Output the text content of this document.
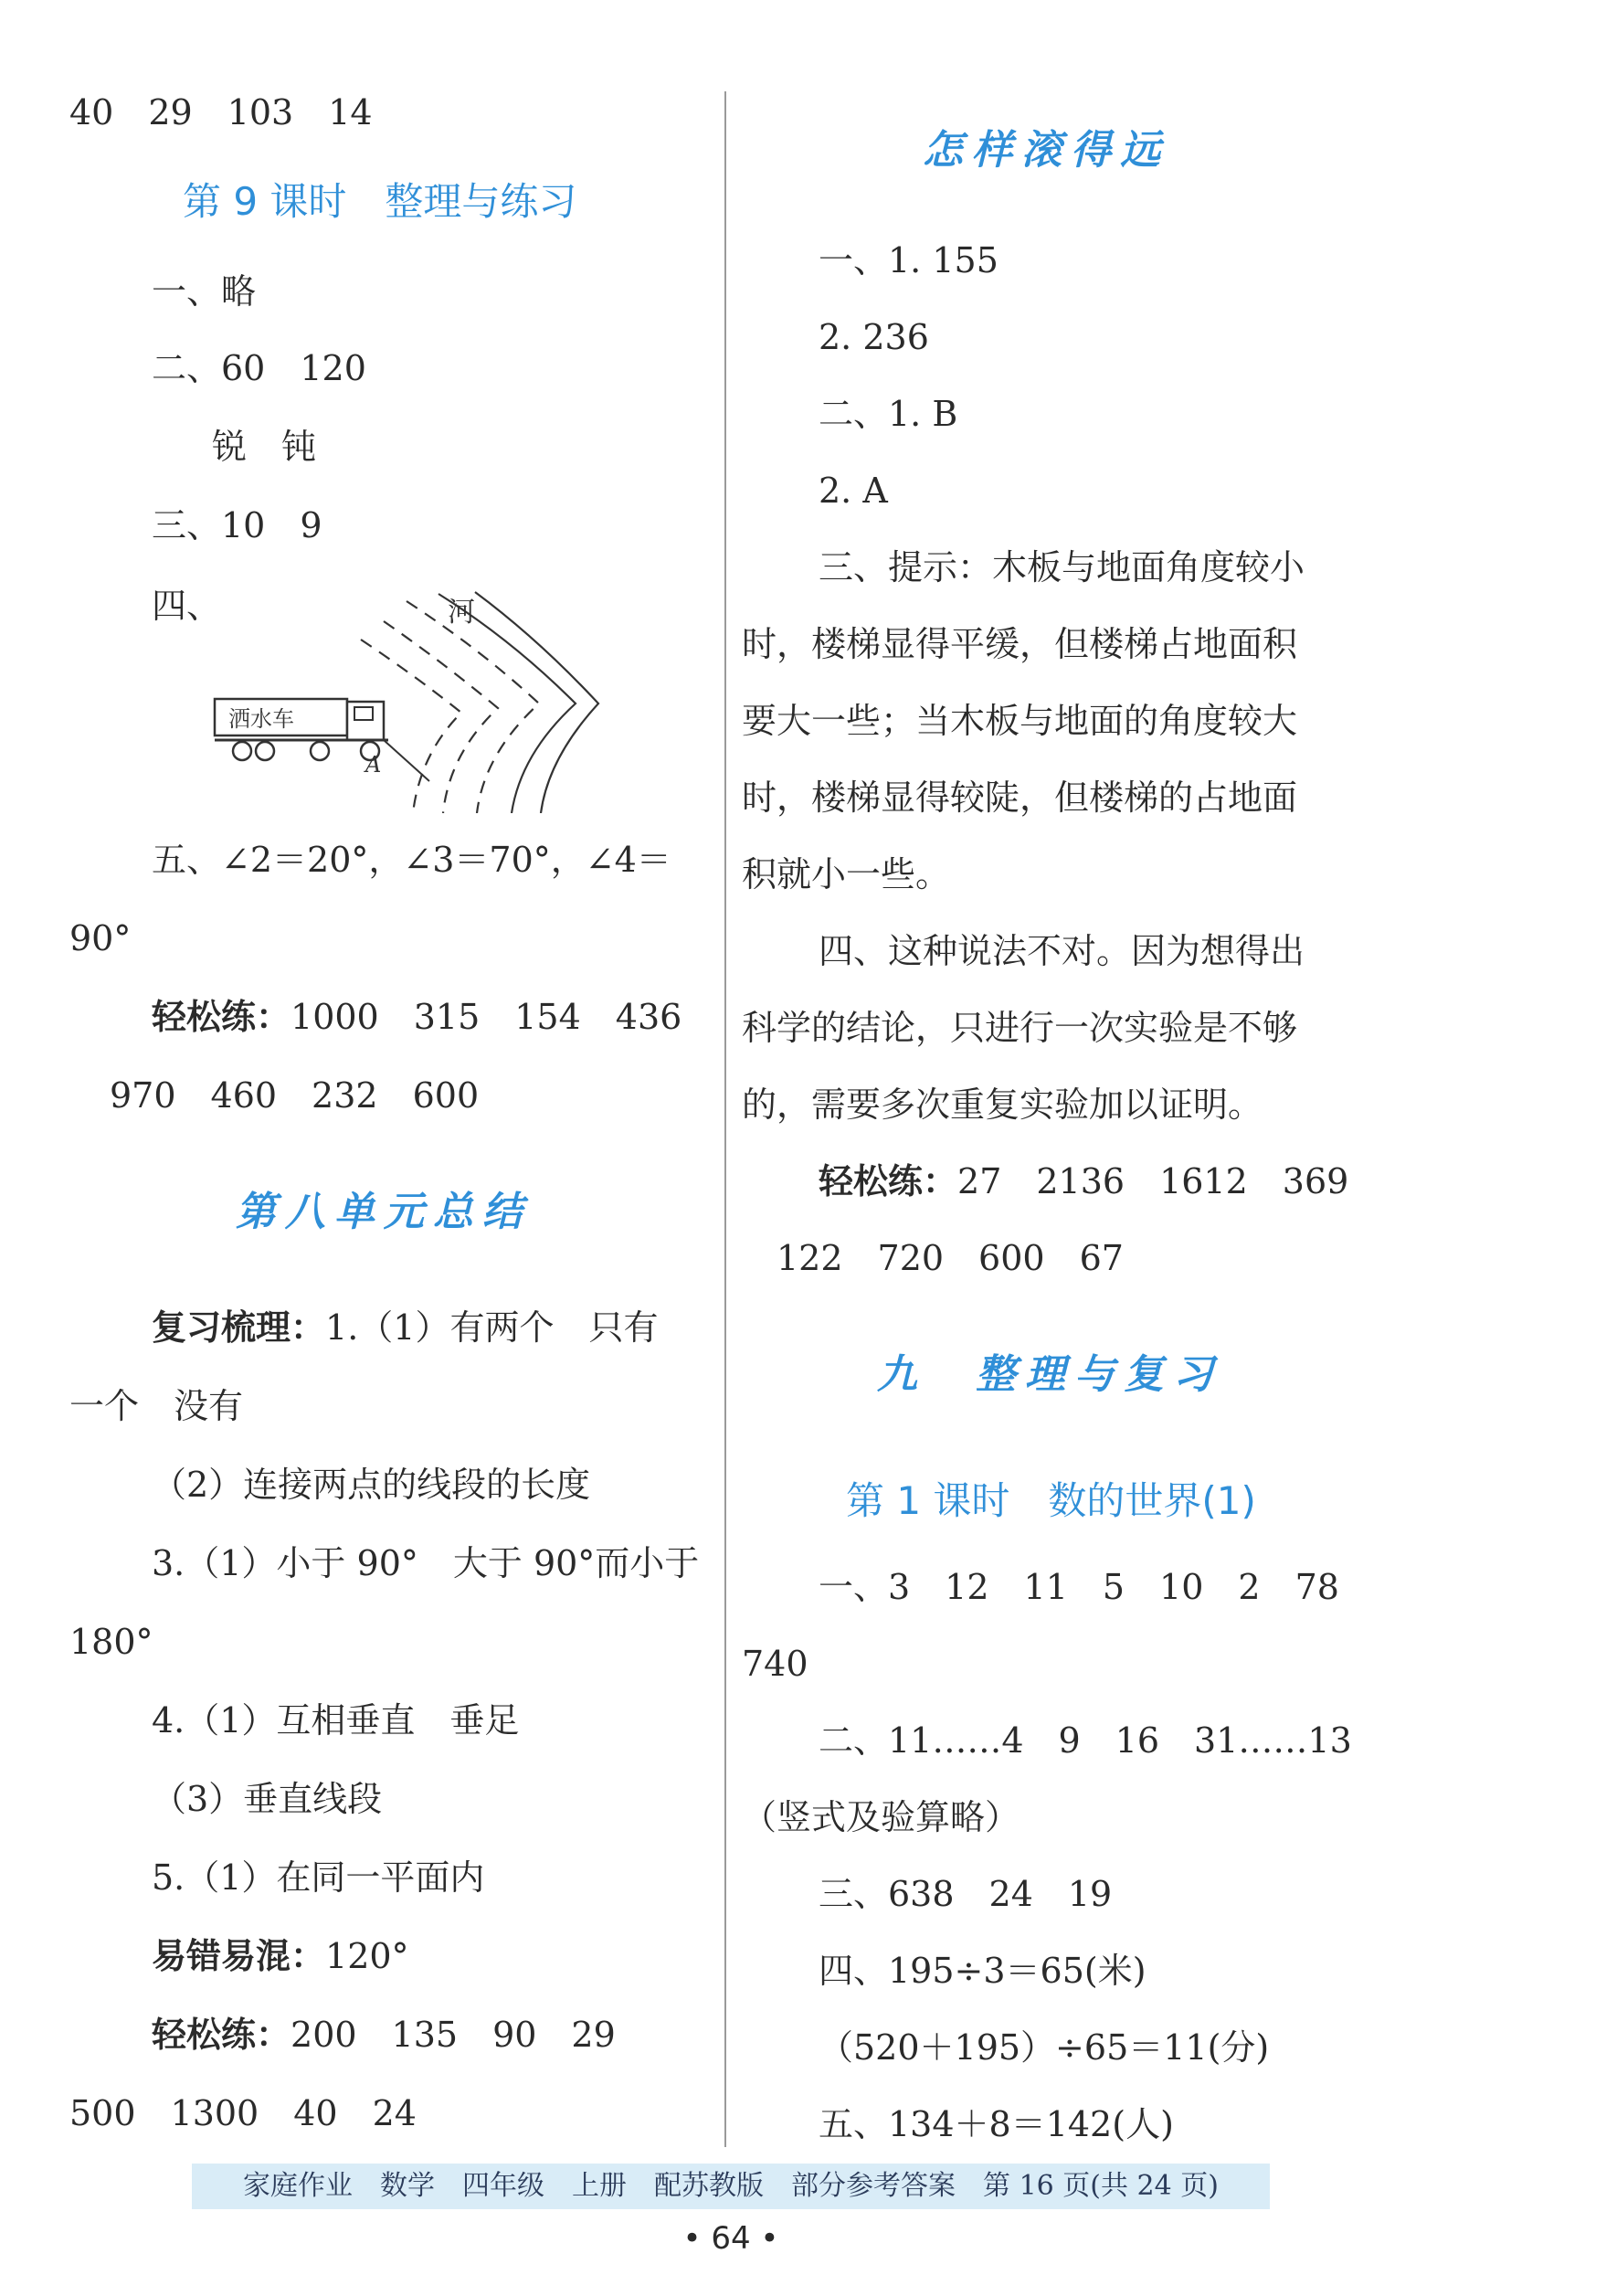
40　29　103　14
第 9 课时　整理与练习
一、略
二、60　120
锐　钝
三、10　9
四、	河
洒水车
A
五、∠2＝20°，∠3＝70°，∠4＝
90°
轻松练：1000　315　154　436
970　460　232　600
第八单元总结
复习梳理：1.（1）有两个　只有
一个　没有
（2）连接两点的线段的长度
3.（1）小于 90°　大于 90°而小于
180°
4.（1）互相垂直　垂足
（3）垂直线段
5.（1）在同一平面内
易错易混：120°
轻松练：200　135　90　29
500　1300　40　24
怎样滚得远
一、1. 155
2. 236
二、1. B
2. A
三、提示：木板与地面角度较小
时，楼梯显得平缓，但楼梯占地面积
要大一些；当木板与地面的角度较大
时，楼梯显得较陡，但楼梯的占地面
积就小一些。
四、这种说法不对。因为想得出
科学的结论，只进行一次实验是不够
的，需要多次重复实验加以证明。
轻松练：27　2136　1612　369
122　720　600　67
九　整理与复习
第 1 课时　数的世界(1)
一、3　12　11　5　10　2　78
740
二、11……4　9　16　31……13
（竖式及验算略）
三、638　24　19
四、195÷3＝65(米)
（520＋195）÷65＝11(分)
五、134＋8＝142(人)
家庭作业　数学　四年级　上册　配苏教版　部分参考答案　第 16 页(共 24 页)
• 64 •
